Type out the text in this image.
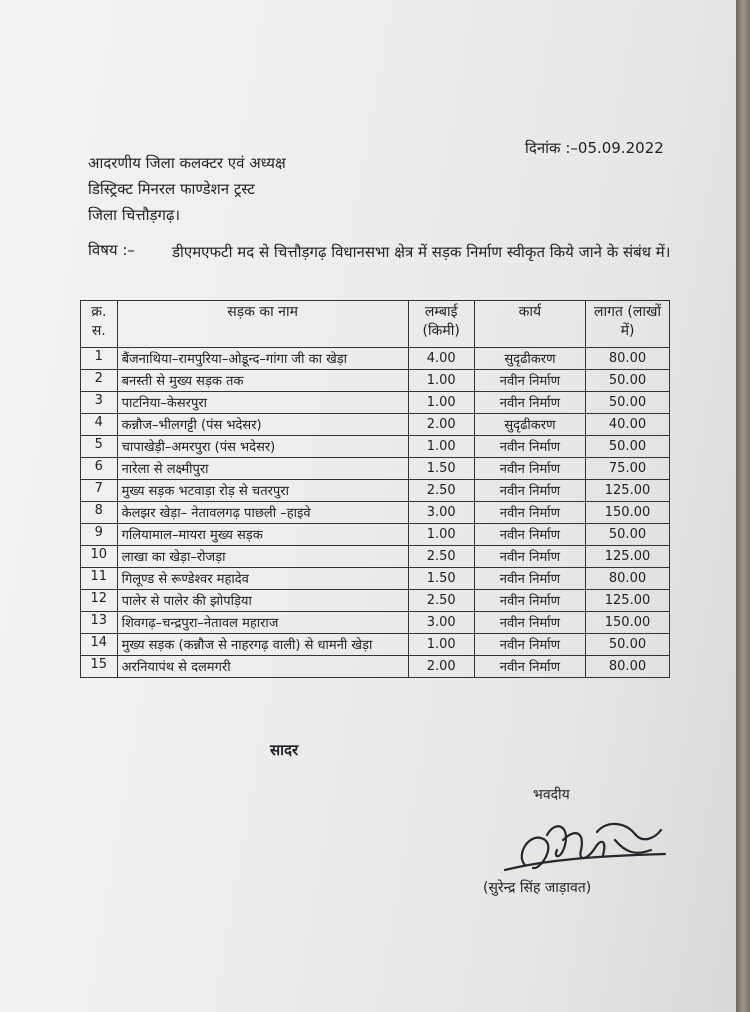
दिनांक :–05.09.2022
आदरणीय जिला कलक्टर एवं अध्यक्ष
डिस्ट्रिक्ट मिनरल फाण्डेशन ट्रस्ट
जिला चित्तौड़गढ़।
विषय :– डीएमएफटी मद से चित्तौड़गढ़ विधानसभा क्षेत्र में सड़क निर्माण स्वीकृत किये जाने के संबंध में।
क्र. स.	सड़क का नाम	लम्बाई (किमी)	कार्य	लागत (लाखों में)
1	बैंजनाथिया–रामपुरिया–ओडून्द–गांगा जी का खेड़ा	4.00	सुदृढीकरण	80.00
2	बनस्ती से मुख्य सड़क तक	1.00	नवीन निर्माण	50.00
3	पाटनिया–केसरपुरा	1.00	नवीन निर्माण	50.00
4	कन्नौज–भीलगट्टी (पंस भदेसर)	2.00	सुदृढीकरण	40.00
5	चापाखेड़ी–अमरपुरा (पंस भदेसर)	1.00	नवीन निर्माण	50.00
6	नारेला से लक्ष्मीपुरा	1.50	नवीन निर्माण	75.00
7	मुख्य सड़क भटवाड़ा रोड़ से चतरपुरा	2.50	नवीन निर्माण	125.00
8	केलझर खेड़ा– नेतावलगढ़ पाछली –हाइवे	3.00	नवीन निर्माण	150.00
9	गलियामाल–मायरा मुख्य सड़क	1.00	नवीन निर्माण	50.00
10	लाखा का खेड़ा–रोजड़ा	2.50	नवीन निर्माण	125.00
11	गिलूण्ड से रूण्डेश्वर महादेव	1.50	नवीन निर्माण	80.00
12	पालेर से पालेर की झोपड़िया	2.50	नवीन निर्माण	125.00
13	शिवगढ़–चन्द्रपुरा–नेतावल महाराज	3.00	नवीन निर्माण	150.00
14	मुख्य सड़क (कन्नौज से नाहरगढ़ वाली) से धामनी खेड़ा	1.00	नवीन निर्माण	50.00
15	अरनियापंथ से दलमगरी	2.00	नवीन निर्माण	80.00
सादर
भवदीय
(सुरेन्द्र सिंह जाड़ावत)
